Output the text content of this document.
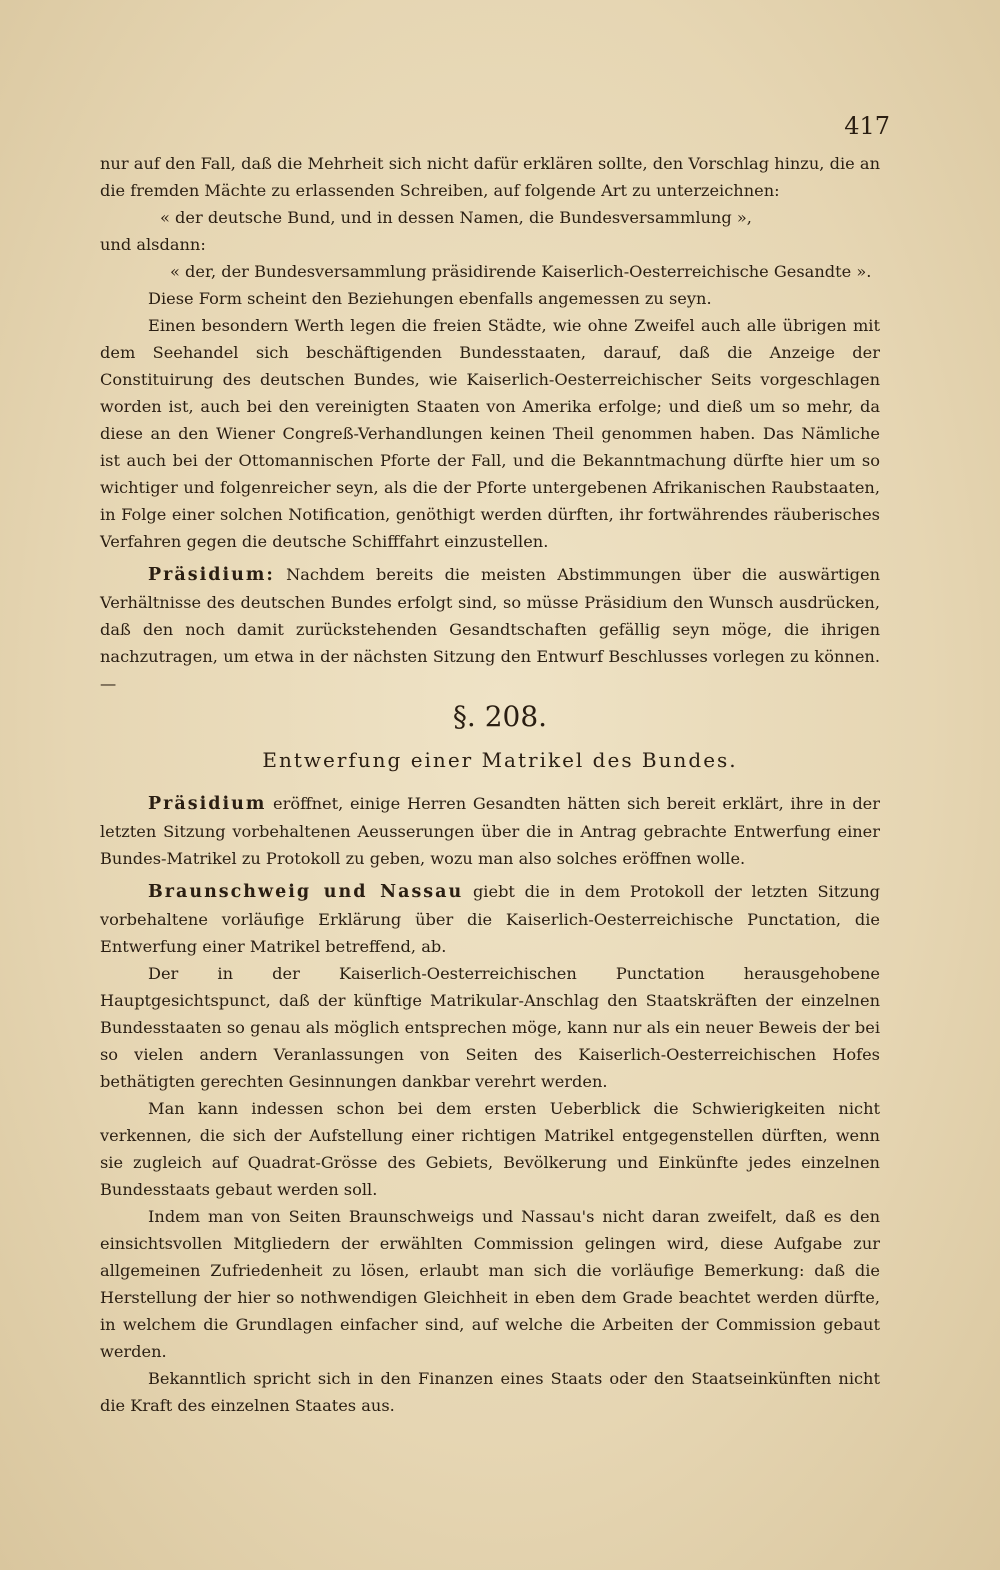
417

nur auf den Fall, daß die Mehrheit sich nicht dafür erklären sollte, den Vorschlag hinzu, die an die fremden Mächte zu erlassenden Schreiben, auf folgende Art zu unterzeichnen:

« der deutsche Bund, und in dessen Namen, die Bundesversammlung »,

und alsdann:

« der, der Bundesversammlung präsidirende Kaiserlich-Oesterreichische Gesandte ».

Diese Form scheint den Beziehungen ebenfalls angemessen zu seyn.

Einen besondern Werth legen die freien Städte, wie ohne Zweifel auch alle übrigen mit dem Seehandel sich beschäftigenden Bundesstaaten, darauf, daß die Anzeige der Constituirung des deutschen Bundes, wie Kaiserlich-Oesterreichischer Seits vorgeschlagen worden ist, auch bei den vereinigten Staaten von Amerika erfolge; und dieß um so mehr, da diese an den Wiener Congreß-Verhandlungen keinen Theil genommen haben. Das Nämliche ist auch bei der Ottomannischen Pforte der Fall, und die Bekanntmachung dürfte hier um so wichtiger und folgenreicher seyn, als die der Pforte untergebenen Afrikanischen Raubstaaten, in Folge einer solchen Notification, genöthigt werden dürften, ihr fortwährendes räuberisches Verfahren gegen die deutsche Schifffahrt einzustellen.

Präsidium: Nachdem bereits die meisten Abstimmungen über die auswärtigen Verhältnisse des deutschen Bundes erfolgt sind, so müsse Präsidium den Wunsch ausdrücken, daß den noch damit zurückstehenden Gesandtschaften gefällig seyn möge, die ihrigen nachzutragen, um etwa in der nächsten Sitzung den Entwurf Beschlusses vorlegen zu können. —

§. 208.
Entwerfung einer Matrikel des Bundes.

Präsidium eröffnet, einige Herren Gesandten hätten sich bereit erklärt, ihre in der letzten Sitzung vorbehaltenen Aeusserungen über die in Antrag gebrachte Entwerfung einer Bundes-Matrikel zu Protokoll zu geben, wozu man also solches eröffnen wolle.

Braunschweig und Nassau giebt die in dem Protokoll der letzten Sitzung vorbehaltene vorläufige Erklärung über die Kaiserlich-Oesterreichische Punctation, die Entwerfung einer Matrikel betreffend, ab.

Der in der Kaiserlich-Oesterreichischen Punctation herausgehobene Hauptgesichtspunct, daß der künftige Matrikular-Anschlag den Staatskräften der einzelnen Bundesstaaten so genau als möglich entsprechen möge, kann nur als ein neuer Beweis der bei so vielen andern Veranlassungen von Seiten des Kaiserlich-Oesterreichischen Hofes bethätigten gerechten Gesinnungen dankbar verehrt werden.

Man kann indessen schon bei dem ersten Ueberblick die Schwierigkeiten nicht verkennen, die sich der Aufstellung einer richtigen Matrikel entgegenstellen dürften, wenn sie zugleich auf Quadrat-Grösse des Gebiets, Bevölkerung und Einkünfte jedes einzelnen Bundesstaats gebaut werden soll.

Indem man von Seiten Braunschweigs und Nassau's nicht daran zweifelt, daß es den einsichtsvollen Mitgliedern der erwählten Commission gelingen wird, diese Aufgabe zur allgemeinen Zufriedenheit zu lösen, erlaubt man sich die vorläufige Bemerkung: daß die Herstellung der hier so nothwendigen Gleichheit in eben dem Grade beachtet werden dürfte, in welchem die Grundlagen einfacher sind, auf welche die Arbeiten der Commission gebaut werden.

Bekanntlich spricht sich in den Finanzen eines Staats oder den Staatseinkünften nicht die Kraft des einzelnen Staates aus.
